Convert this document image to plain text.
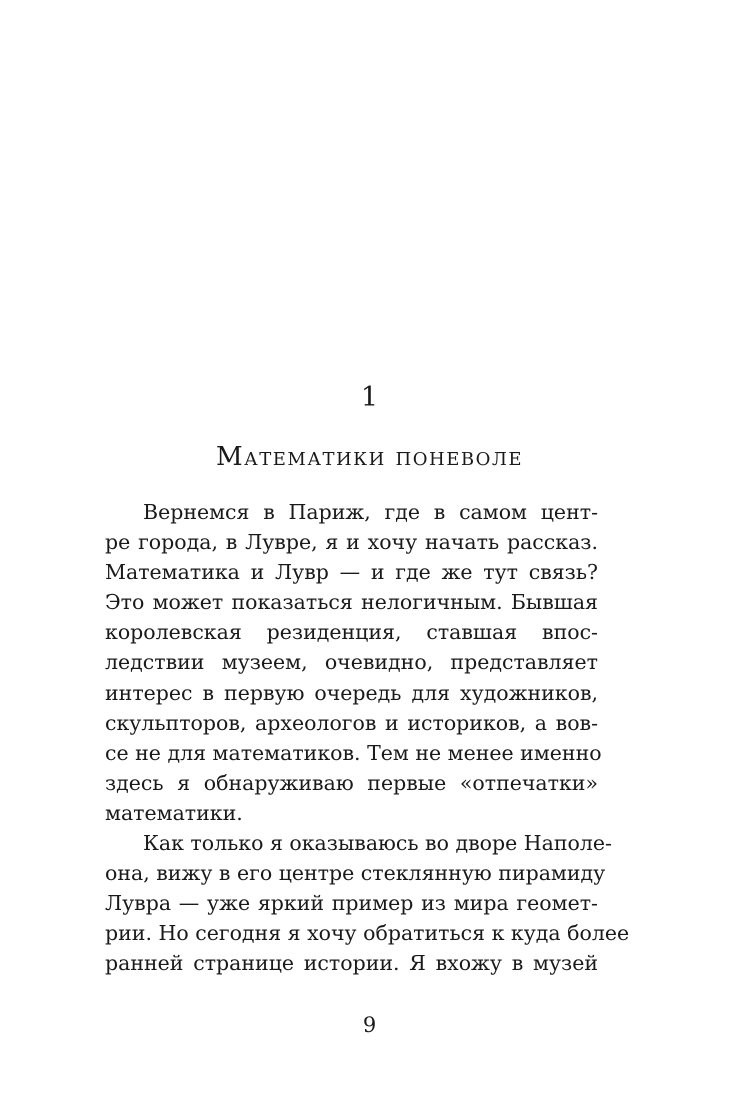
1
Математики поневоле
Вернемся в Париж, где в самом цент-
ре города, в Лувре, я и хочу начать рассказ.
Математика и Лувр — и где же тут связь?
Это может показаться нелогичным. Бывшая
королевская резиденция, ставшая впос-
ледствии музеем, очевидно, представляет
интерес в первую очередь для художников,
скульпторов, археологов и историков, а вов-
се не для математиков. Тем не менее именно
здесь я обнаруживаю первые «отпечатки»
математики.
Как только я оказываюсь во дворе Наполе-
она, вижу в его центре стеклянную пирамиду
Лувра — уже яркий пример из мира геомет-
рии. Но сегодня я хочу обратиться к куда более
ранней странице истории. Я вхожу в музей
9
